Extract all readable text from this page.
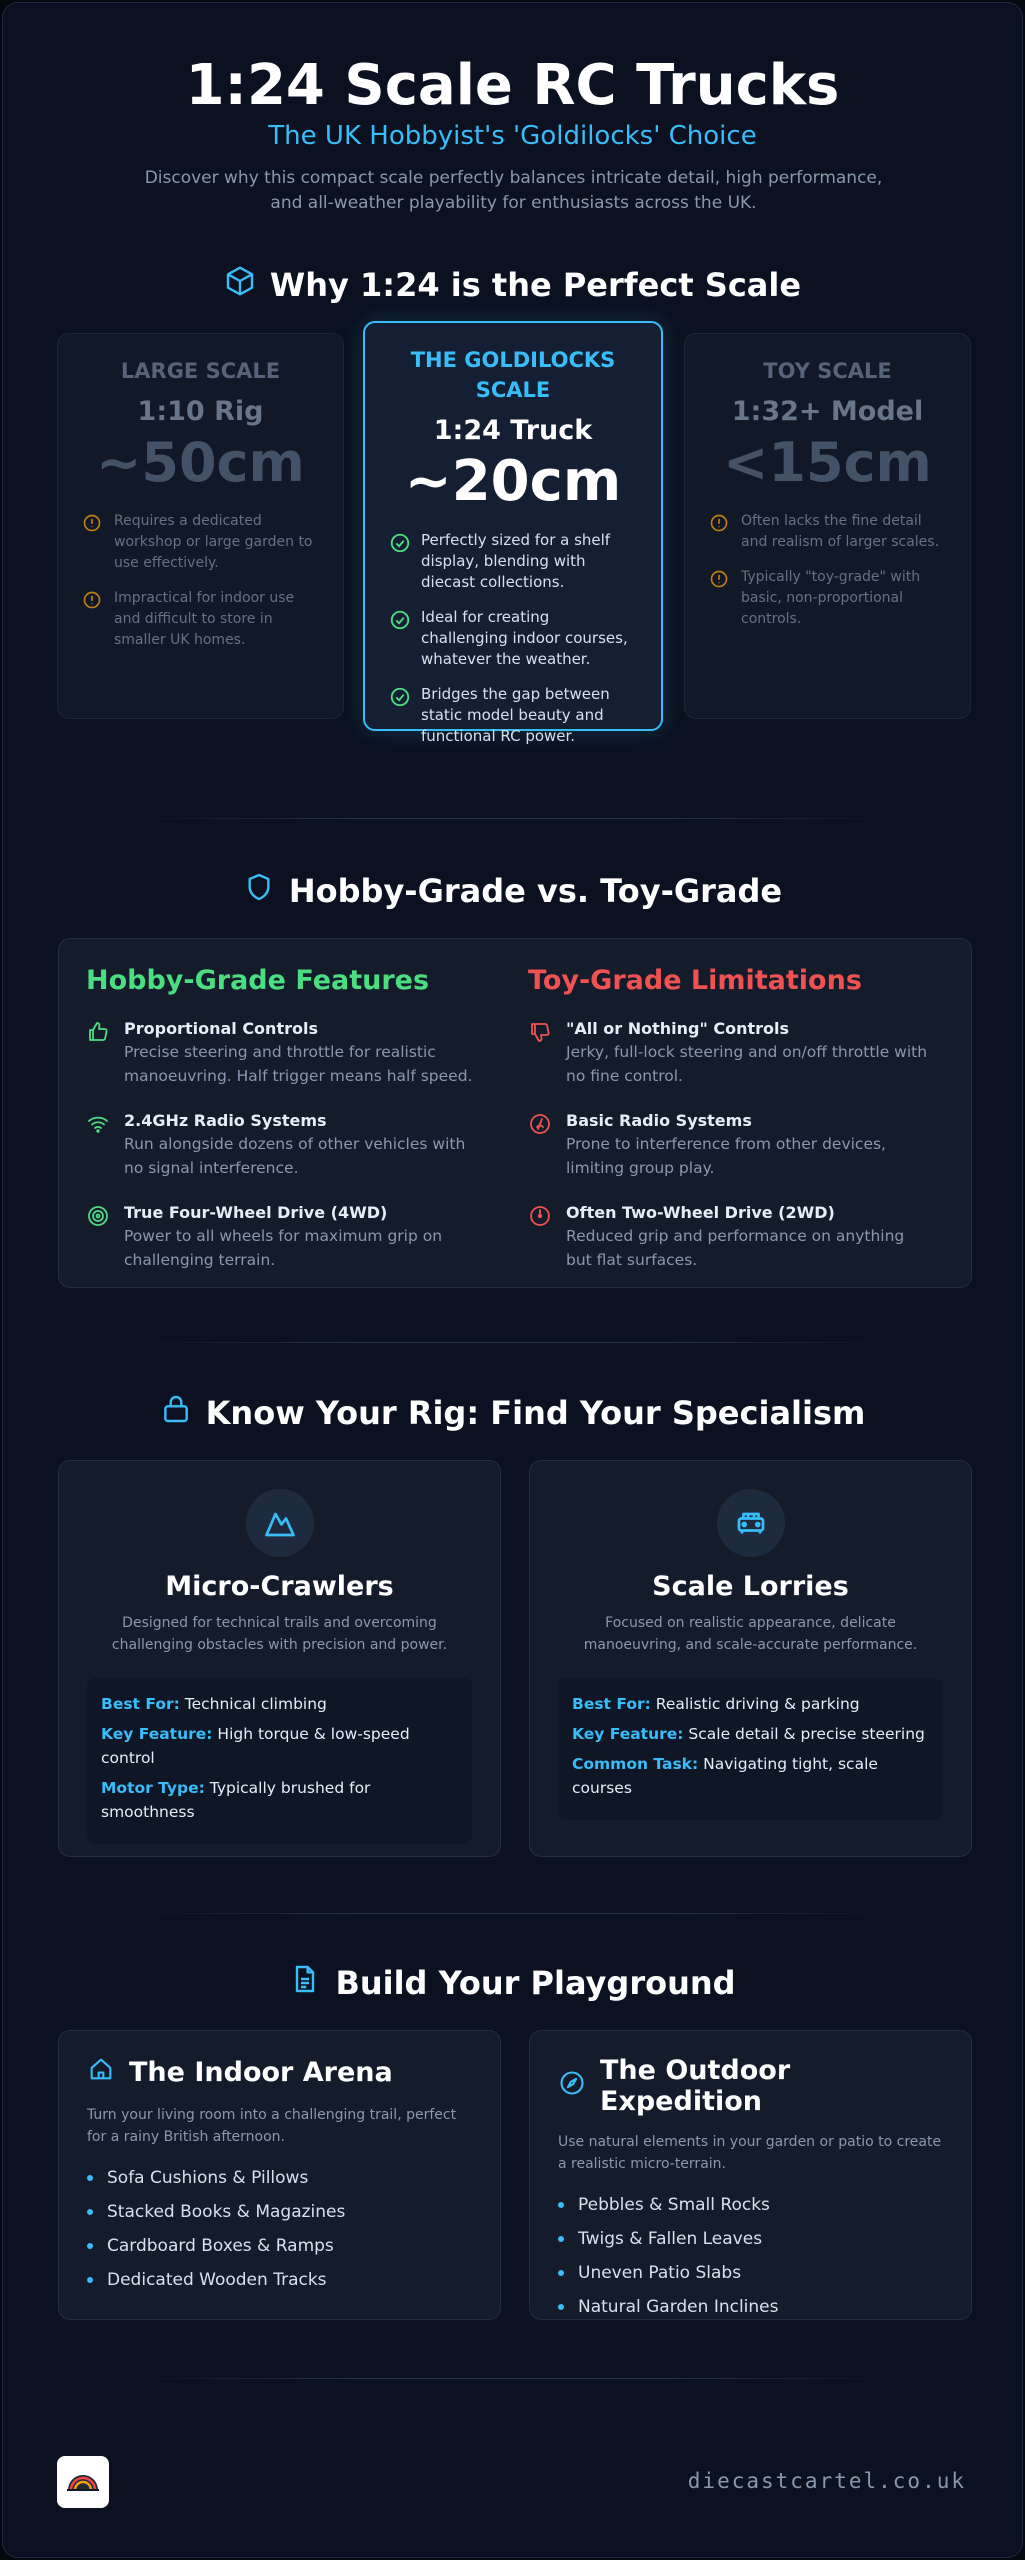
1:24 Scale RC Trucks
The UK Hobbyist's 'Goldilocks' Choice
Discover why this compact scale perfectly balances intricate detail, high performance, and all-weather playability for enthusiasts across the UK.
Why 1:24 is the Perfect Scale
LARGE SCALE
1:10 Rig
~50cm
Requires a dedicated workshop or large garden to use effectively.
Impractical for indoor use and difficult to store in smaller UK homes.
THE GOLDILOCKS SCALE
1:24 Truck
~20cm
Perfectly sized for a shelf display, blending with diecast collections.
Ideal for creating challenging indoor courses, whatever the weather.
Bridges the gap between static model beauty and functional RC power.
TOY SCALE
1:32+ Model
<15cm
Often lacks the fine detail and realism of larger scales.
Typically "toy-grade" with basic, non-proportional controls.
Hobby-Grade vs. Toy-Grade
Hobby-Grade Features
Proportional Controls
Precise steering and throttle for realistic manoeuvring. Half trigger means half speed.
2.4GHz Radio Systems
Run alongside dozens of other vehicles with no signal interference.
True Four-Wheel Drive (4WD)
Power to all wheels for maximum grip on challenging terrain.
Toy-Grade Limitations
"All or Nothing" Controls
Jerky, full-lock steering and on/off throttle with no fine control.
Basic Radio Systems
Prone to interference from other devices, limiting group play.
Often Two-Wheel Drive (2WD)
Reduced grip and performance on anything but flat surfaces.
Know Your Rig: Find Your Specialism
Micro-Crawlers
Designed for technical trails and overcoming challenging obstacles with precision and power.

Best For: Technical climbing

Key Feature: High torque & low-speed control

Motor Type: Typically brushed for smoothness

Scale Lorries
Focused on realistic appearance, delicate manoeuvring, and scale-accurate performance.

Best For: Realistic driving & parking

Key Feature: Scale detail & precise steering

Common Task: Navigating tight, scale courses

Build Your Playground
The Indoor Arena
Turn your living room into a challenging trail, perfect for a rainy British afternoon.
Sofa Cushions & Pillows
Stacked Books & Magazines
Cardboard Boxes & Ramps
Dedicated Wooden Tracks
The Outdoor Expedition
Use natural elements in your garden or patio to create a realistic micro-terrain.
Pebbles & Small Rocks
Twigs & Fallen Leaves
Uneven Patio Slabs
Natural Garden Inclines
diecastcartel.co.uk
